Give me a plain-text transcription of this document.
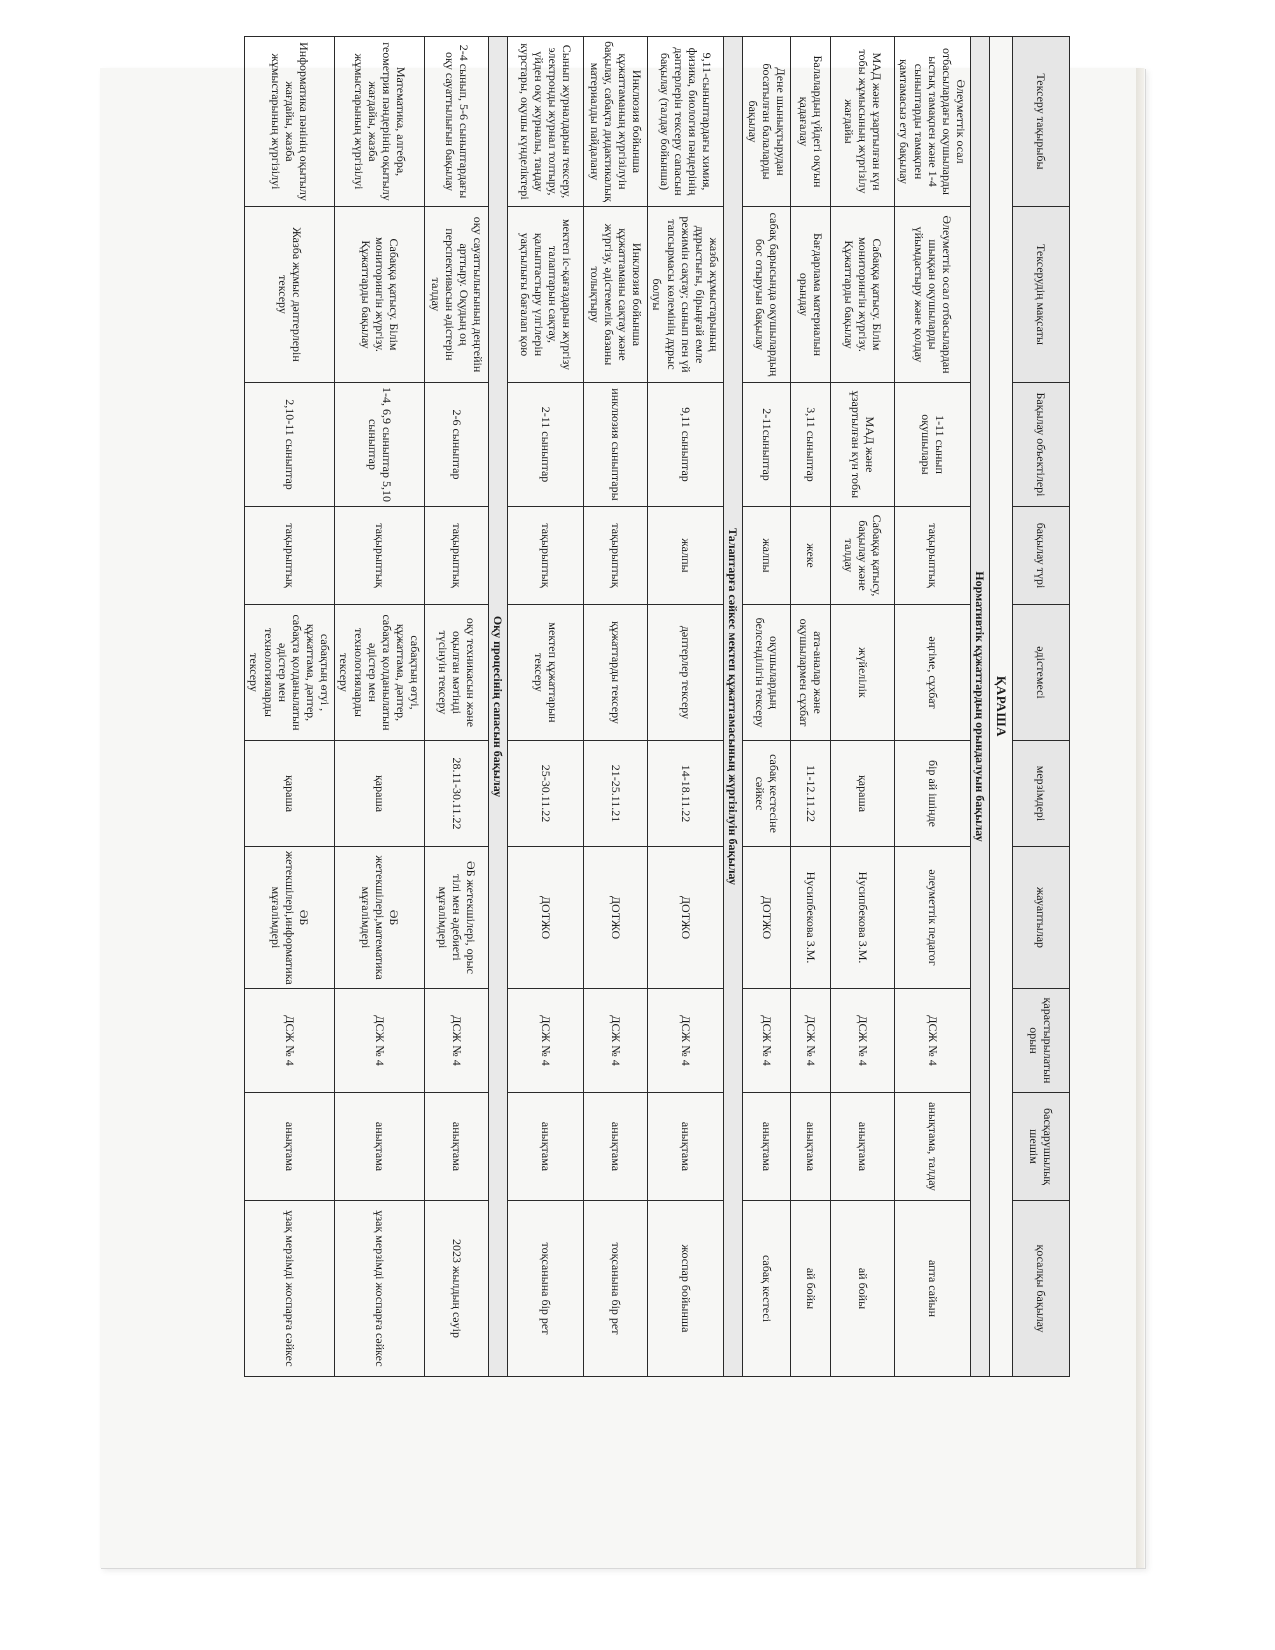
Тексеру тақырыбы	Тексерудің мақсаты	Бақылау объектілері	бақылау түрі	әдістемесі	мерзімдері	жауаптылар	қарастырылатын орын	басқарушылық шешім	қосалқы бақылау
ҚАРАША									
Нормативтік құжаттардың орындалуын бақылау									
Әлеуметтік осал отбасылардағы оқушыларды ыстық тамақпен және 1-4 сыныптарды тамақпен қамтамасыз ету бақылау	Әлеуметтік осал отбасылардан шыққан оқушыларды үйымдастыру және қолдау	1-11 сынып оқушылары	тақырыптық	әңгіме, сұхбат	бір ай ішінде	әлеуметтік педагог	ДСЖ № 4	анықтама, талдау	апта сайын
МАД және ұзартылған күн тобы жұмысының жүргізілу жағдайы	Сабаққа қатысу. Білім мониторингін жүргізу. Құжаттарды бақылау	МАД және ұзартылған күн тобы	Сабаққа қатысу, бақылау және талдау	жүйелілік	қараша	Нусипбекова З.М.	ДСЖ № 4	анықтама	ай бойы
Балалардың үйдегі оқуын қадағалау	Бағдарлама материалын орындау	3,11 сыныптар	жеке	ата-аналар және оқушылармен сұхбат	11-12.11.22	Нусипбекова З.М.	ДСЖ № 4	анықтама	ай бойы
Дене шынықтырудан босатылған балаларды бақылау	сабақ барысында оқушылардың бос отыруын бақылау	2-11сыныптар	жалпы	оқушылардың белсенділігін тексеру	сабақ кестесіне сәйкес	ДОТЖО	ДСЖ № 4	анықтама	сабақ кестесі
Талаптарға сәйкес мектеп құжаттамасының жүргізілуін бақылау									
9,11-сыныптардағы химия, физика, биология пәндерінің дәптерлерін тексеру сапасын бақылау (талдау бойынша)	жазба жұмыстарының дұрыстығы, бірыңғай емле режимін сақтау; сынып пен үй тапсырмасы көлемінің дұрыс болуы	9,11 сыныптар	жалпы	дәптерлер тексеру	14-18.11.22	ДОТЖО	ДСЖ № 4	анықтама	жоспар бойынша
Инклюзия бойынша құжаттаманың жүргізілуін бақылау, сабақта дидактикалық материалды пайдалану	Инклюзия бойынша құжаттаманы сақтау және жүргізу, әдістемелік базаны толықтыру	инклюзия сыныптары	тақырыптық	құжаттарды тексеру	21-25.11.21	ДОТЖО	ДСЖ № 4	анықтама	тоқсанына бір рет
Сынып журналдарын тексеру, электронды журнал толтыру, үйден оқу журналы, таңдау курстары, оқушы күнделіктері	мектеп іс-қағаздарын жүргізу талаптарын сақтау, қалыптастыру үлгілерін уақтылығы бағалап қою	2-11 сыныптар	тақырыптық	мектеп құжаттарын тексеру	25-30.11.22	ДОТЖО	ДСЖ № 4	анықтама	тоқсанына бір рет
Оқу процесінің сапасын бақылау									
2-4 сынып, 5-6 сыныптардағы оқу сауаттылығын бақылау	оқу сауаттылығының деңгейін арттыру. Оқудың оң перспективасын әдістерін талдау	2-6 сыныптар	тақырыптық	оқу техникасын және оқылған мәтінді түсінуін тексеру	28.11-30.11.22	ӘБ жетекшілері, орыс тілі мен әдебиеті мұғалімдері	ДСЖ № 4	анықтама	2023 жылдың сәуір
Математика, алгебра, геометрия пәндерінің оқытылу жағдайы, жазба жұмыстарының жүргізілуі	Сабаққа қатысу. Білім мониторингін жүргізу. Құжаттарды бақылау	1-4, 6,9 сыныптар 5,10 сыныптар	тақырыптық	сабақтың өтуі, құжаттама, дәптер, сабақта қолданылатын әдістер мен технологияларды тексеру	қараша	ӘБ жетекшілері,математика мұғалімдері	ДСЖ № 4	анықтама	ұзақ мерзімді жоспарға сәйкес
Информатика пәнінің оқытылу жағдайы, жазба жұмыстарының жүргізілуі	Жазба жұмыс дәптерлерін тексеру	2,10-11 сыныптар	тақырыптық	сабақтың өтуі , құжаттама, дәптер, сабақта қолданылатын әдістер мен технологияларды тексеру	қараша	ӘБ жетекшілері,информатика мұғалімдері	ДСЖ № 4	анықтама	ұзақ мерзімді жоспарға сәйкес
